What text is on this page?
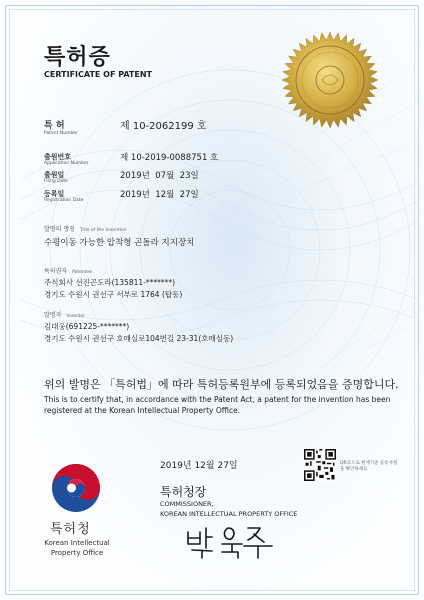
특허증
CERTIFICATE OF PATENT
특 허
Patent Number
제 10-2062199 호
출원번호
Application Number
제 10-2019-0088751 호
출원일
Filing Date
2019년  07월  23일
등록일
Registration Date
2019년  12월  27일
발명의 명칭 Title of the Invention
수평이동 가능한 압착형 곤돌라 지지장치
특허권자 Patentee
주식회사 선진곤도라(135811-*******)
경기도 수원시 권선구 서부로 1764 (탑동)
발명자 Inventor
김대웅(691225-*******)
경기도 수원시 권선구 호매실로104번길 23-31(호매실동)
위의 발명은 「특허법」에 따라 특허등록원부에 등록되었음을 증명합니다.
This is to certify that, in accordance with the Patent Act, a patent for the invention has been registered at the Korean Intellectual Property Office.
2019년 12월 27일	QR코드로 현재기준 등록사항을 확인하세요
특허청장
COMMISSIONER,
KOREAN INTELLECTUAL PROPERTY OFFICE
특허청
Korean Intellectual Property Office
